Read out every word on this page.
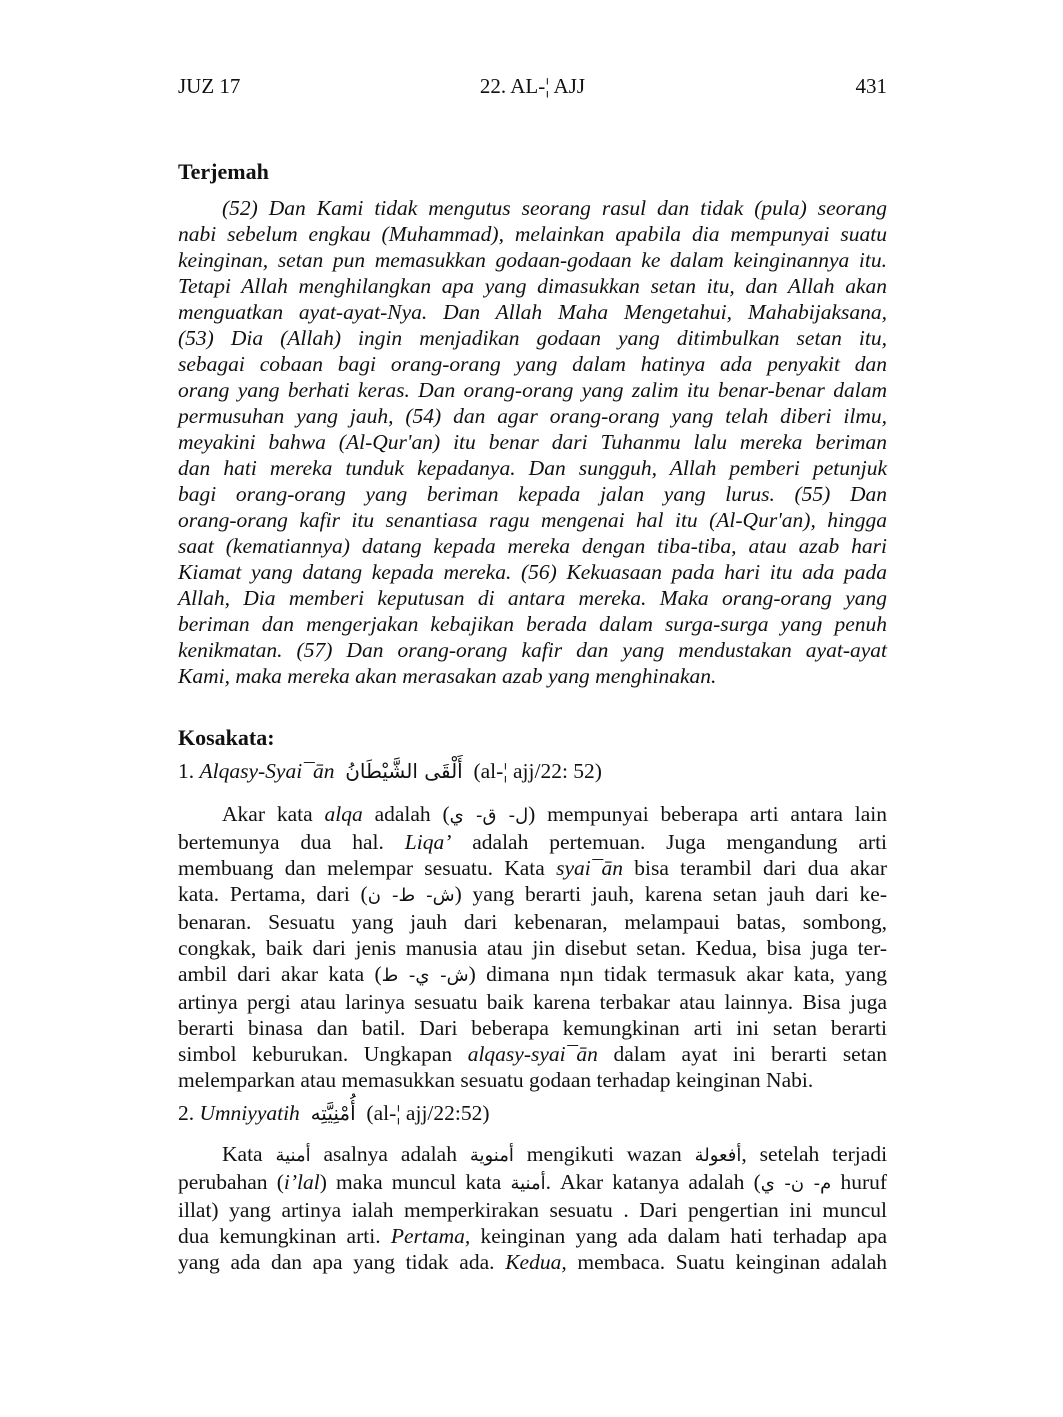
JUZ 17	22. AL-¦ AJJ	431
Terjemah
(52) Dan Kami tidak mengutus seorang rasul dan tidak (pula) seorang
nabi sebelum engkau (Muhammad), melainkan apabila dia mempunyai suatu
keinginan, setan pun memasukkan godaan-godaan ke dalam keinginannya itu.
Tetapi Allah menghilangkan apa yang dimasukkan setan itu, dan Allah akan
menguatkan ayat-ayat-Nya. Dan Allah Maha Mengetahui, Mahabijaksana,
(53) Dia (Allah) ingin menjadikan godaan yang ditimbulkan setan itu,
sebagai cobaan bagi orang-orang yang dalam hatinya ada penyakit dan
orang yang berhati keras. Dan orang-orang yang zalim itu benar-benar dalam
permusuhan yang jauh, (54) dan agar orang-orang yang telah diberi ilmu,
meyakini bahwa (Al-Qur'an) itu benar dari Tuhanmu lalu mereka beriman
dan hati mereka tunduk kepadanya. Dan sungguh, Allah pemberi petunjuk
bagi orang-orang yang beriman kepada jalan yang lurus. (55) Dan
orang-orang kafir itu senantiasa ragu mengenai hal itu (Al-Qur'an), hingga
saat (kematiannya) datang kepada mereka dengan tiba-tiba, atau azab hari
Kiamat yang datang kepada mereka. (56) Kekuasaan pada hari itu ada pada
Allah, Dia memberi keputusan di antara mereka. Maka orang-orang yang
beriman dan mengerjakan kebajikan berada dalam surga-surga yang penuh
kenikmatan. (57) Dan orang-orang kafir dan yang mendustakan ayat-ayat
Kami, maka mereka akan merasakan azab yang menghinakan.
Kosakata:
1. Alqasy-Syai¯ān أَلْقَى الشَّيْطَانُ (al-¦ ajj/22: 52)
Akar kata alqa adalah (ل- ق- ي) mempunyai beberapa arti antara lain
bertemunya dua hal. Liqa’ adalah pertemuan. Juga mengandung arti
membuang dan melempar sesuatu. Kata syai¯ān bisa terambil dari dua akar
kata. Pertama, dari (ش- ط- ن) yang berarti jauh, karena setan jauh dari ke-
benaran. Sesuatu yang jauh dari kebenaran, melampaui batas, sombong,
congkak, baik dari jenis manusia atau jin disebut setan. Kedua, bisa juga ter-
ambil dari akar kata (ش- ي- ط) dimana nµn tidak termasuk akar kata, yang
artinya pergi atau larinya sesuatu baik karena terbakar atau lainnya. Bisa juga
berarti binasa dan batil. Dari beberapa kemungkinan arti ini setan berarti
simbol keburukan. Ungkapan alqasy-syai¯ān dalam ayat ini berarti setan
melemparkan atau memasukkan sesuatu godaan terhadap keinginan Nabi.
2. Umniyyatih أُمْنِيَّتِه (al-¦ ajj/22:52)
Kata أمنية asalnya adalah أمنوية mengikuti wazan أفعولة, setelah terjadi
perubahan (i’lal) maka muncul kata أمنية. Akar katanya adalah (م- ن- ي huruf
illat) yang artinya ialah memperkirakan sesuatu . Dari pengertian ini muncul
dua kemungkinan arti. Pertama, keinginan yang ada dalam hati terhadap apa
yang ada dan apa yang tidak ada. Kedua, membaca. Suatu keinginan adalah
